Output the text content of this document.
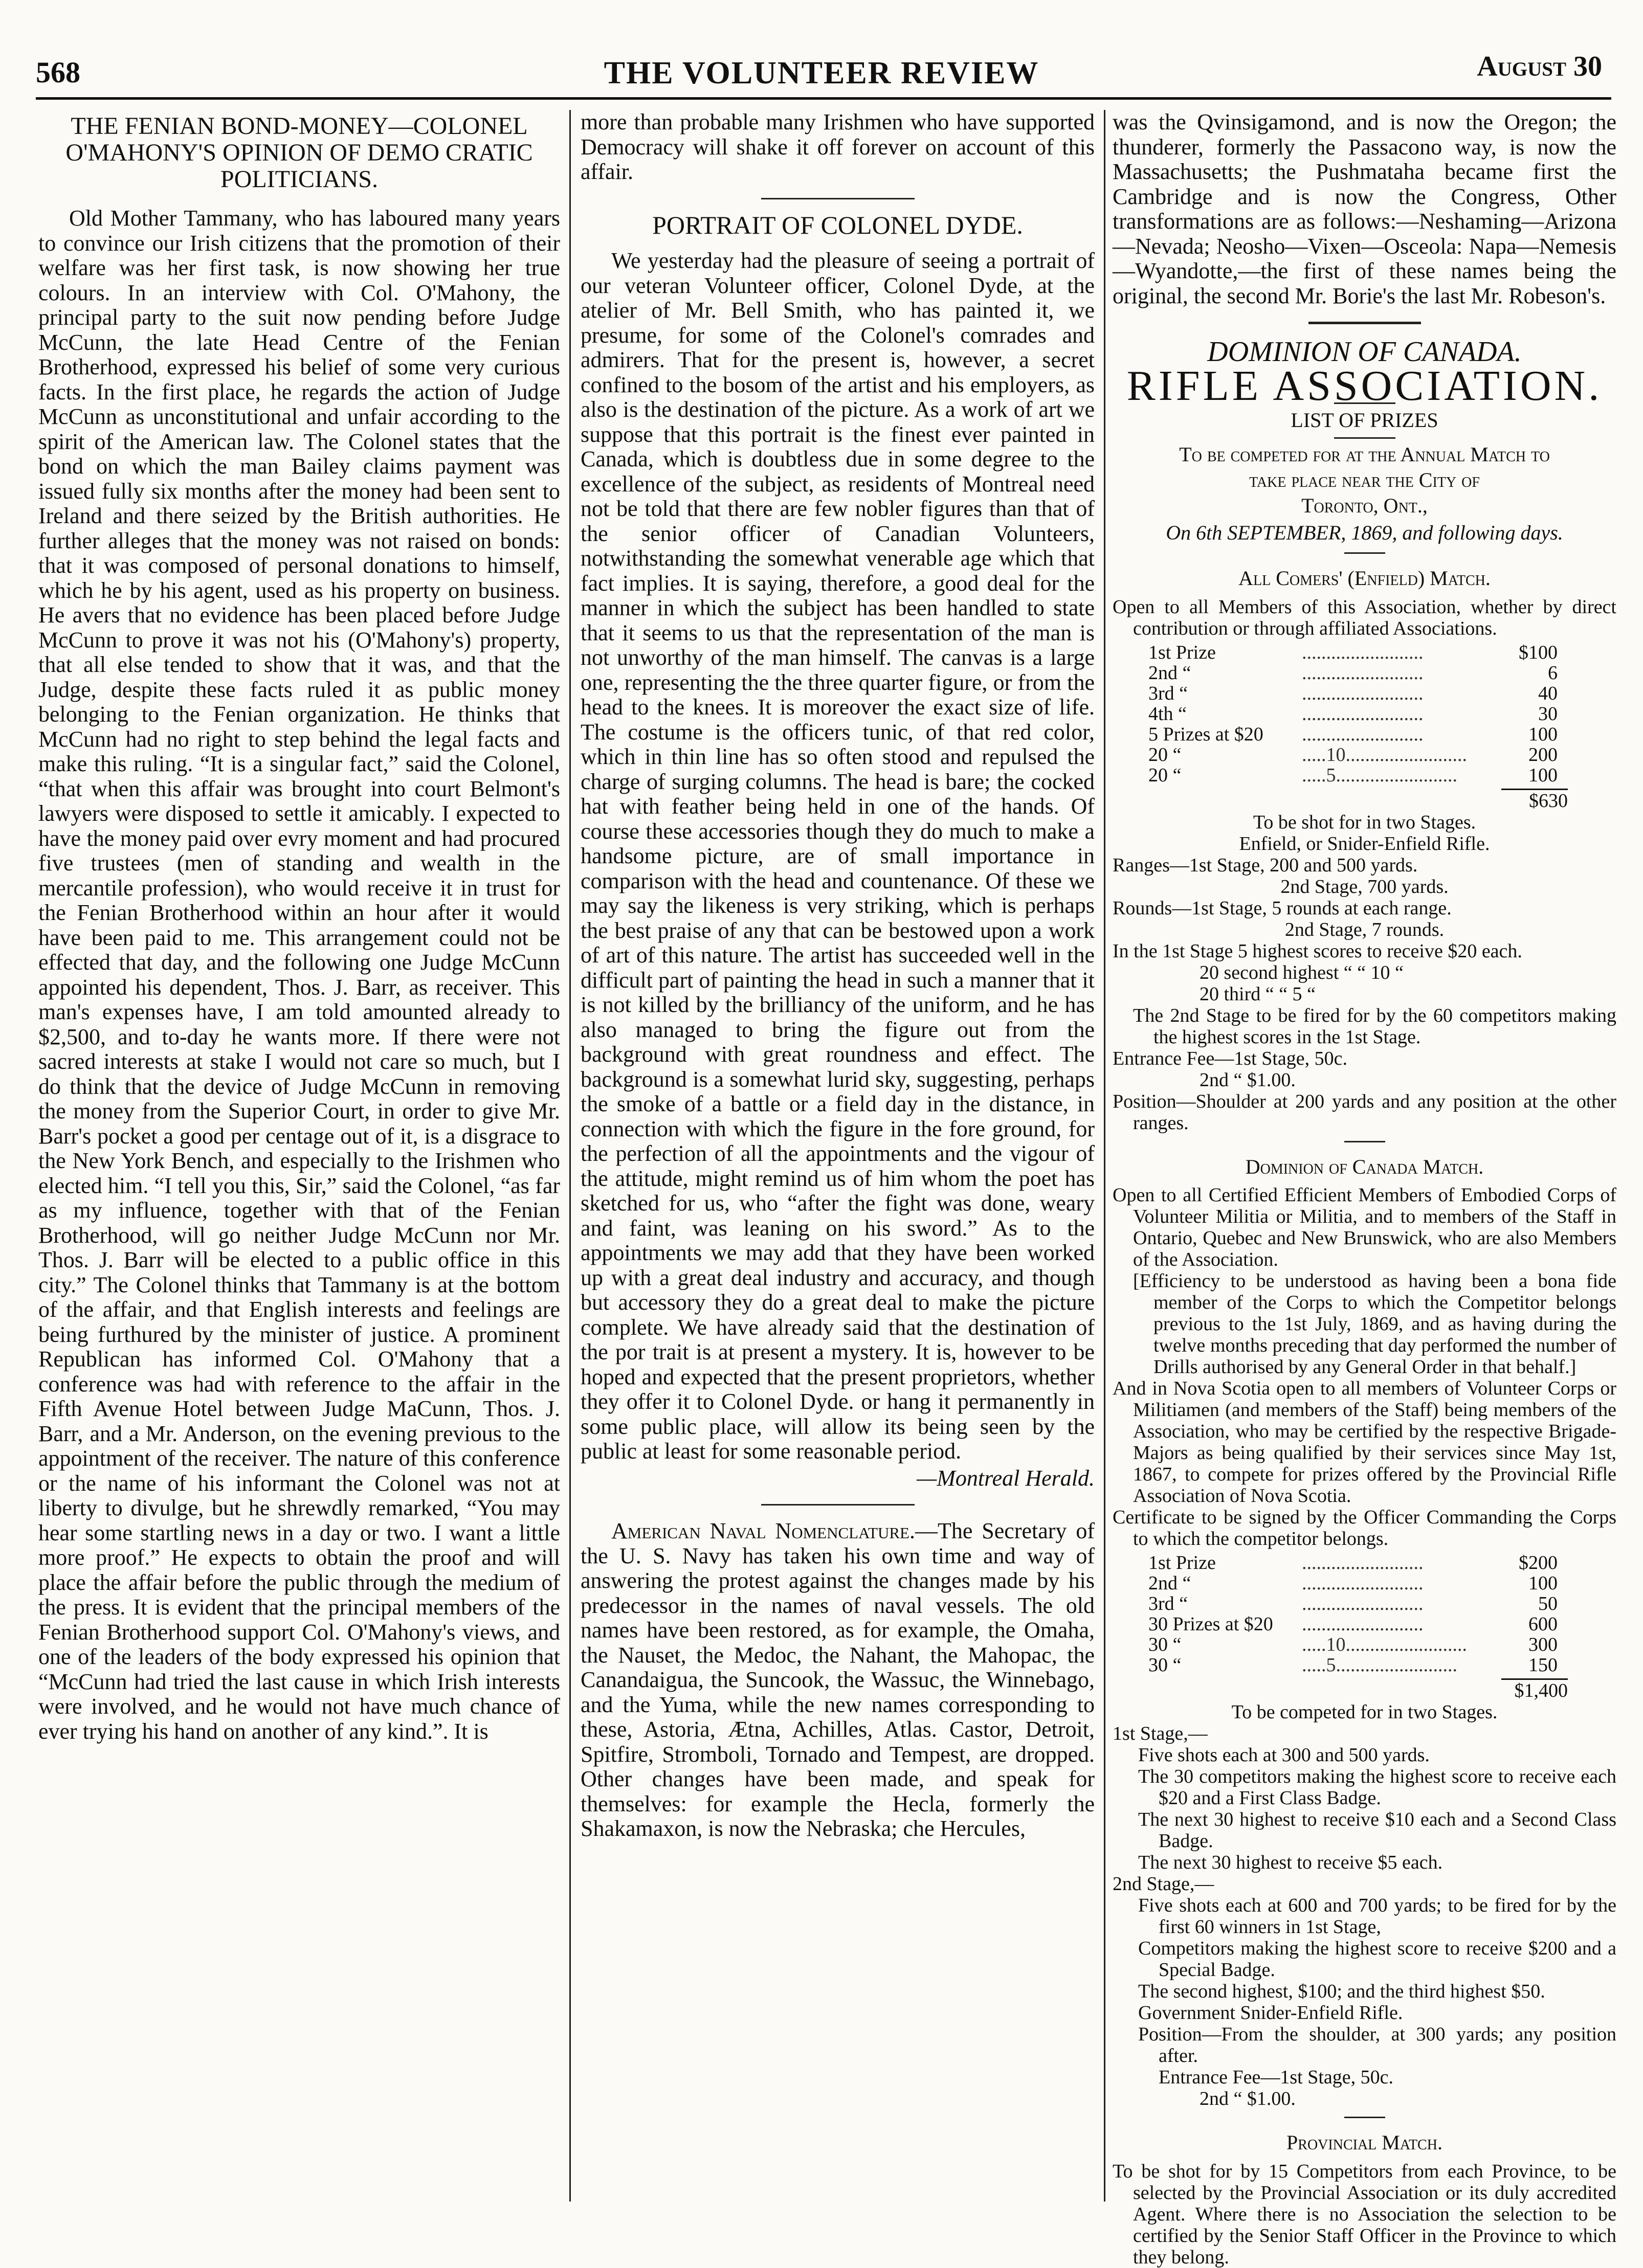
568	THE VOLUNTEER REVIEW	August 30
THE FENIAN BOND-MONEY—COLONEL O'MAHONY'S OPINION OF DEMO CRATIC POLITICIANS.

Old Mother Tammany, who has laboured many years to convince our Irish citizens that the promotion of their welfare was her first task, is now showing her true colours. In an interview with Col. O'Mahony, the principal party to the suit now pending before Judge McCunn, the late Head Centre of the Fenian Brotherhood, expressed his belief of some very curious facts. In the first place, he regards the action of Judge McCunn as unconstitutional and unfair according to the spirit of the American law. The Colonel states that the bond on which the man Bailey claims payment was issued fully six months after the money had been sent to Ireland and there seized by the British authorities. He further alleges that the money was not raised on bonds: that it was composed of personal donations to himself, which he by his agent, used as his property on business. He avers that no evidence has been placed before Judge McCunn to prove it was not his (O'Mahony's) property, that all else tended to show that it was, and that the Judge, despite these facts ruled it as public money belonging to the Fenian organization. He thinks that McCunn had no right to step behind the legal facts and make this ruling. “It is a singular fact,” said the Colonel, “that when this affair was brought into court Belmont's lawyers were disposed to settle it amicably. I expected to have the money paid over evry moment and had procured five trustees (men of standing and wealth in the mercantile profession), who would receive it in trust for the Fenian Brotherhood within an hour after it would have been paid to me. This arrangement could not be effected that day, and the following one Judge McCunn appointed his dependent, Thos. J. Barr, as receiver. This man's expenses have, I am told amounted already to $2,500, and to-day he wants more. If there were not sacred interests at stake I would not care so much, but I do think that the device of Judge McCunn in removing the money from the Superior Court, in order to give Mr. Barr's pocket a good per centage out of it, is a disgrace to the New York Bench, and especially to the Irishmen who elected him. “I tell you this, Sir,” said the Colonel, “as far as my influence, together with that of the Fenian Brotherhood, will go neither Judge McCunn nor Mr. Thos. J. Barr will be elected to a public office in this city.” The Colonel thinks that Tammany is at the bottom of the affair, and that English interests and feelings are being furthured by the minister of justice. A prominent Republican has informed Col. O'Mahony that a conference was had with reference to the affair in the Fifth Avenue Hotel between Judge MaCunn, Thos. J. Barr, and a Mr. Anderson, on the evening previous to the appointment of the receiver. The nature of this conference or the name of his informant the Colonel was not at liberty to divulge, but he shrewdly remarked, “You may hear some startling news in a day or two. I want a little more proof.” He expects to obtain the proof and will place the affair before the public through the medium of the press. It is evident that the principal members of the Fenian Brotherhood support Col. O'Mahony's views, and one of the leaders of the body expressed his opinion that “McCunn had tried the last cause in which Irish interests were involved, and he would not have much chance of ever trying his hand on another of any kind.”. It is

more than probable many Irishmen who have supported Democracy will shake it off forever on account of this affair.

PORTRAIT OF COLONEL DYDE.

We yesterday had the pleasure of seeing a portrait of our veteran Volunteer officer, Colonel Dyde, at the atelier of Mr. Bell Smith, who has painted it, we presume, for some of the Colonel's comrades and admirers. That for the present is, however, a secret confined to the bosom of the artist and his employers, as also is the destination of the picture. As a work of art we suppose that this portrait is the finest ever painted in Canada, which is doubtless due in some degree to the excellence of the subject, as residents of Montreal need not be told that there are few nobler figures than that of the senior officer of Canadian Volunteers, notwithstanding the somewhat venerable age which that fact implies. It is saying, therefore, a good deal for the manner in which the subject has been handled to state that it seems to us that the representation of the man is not unworthy of the man himself. The canvas is a large one, representing the the three quarter figure, or from the head to the knees. It is moreover the exact size of life. The costume is the officers tunic, of that red color, which in thin line has so often stood and repulsed the charge of surging columns. The head is bare; the cocked hat with feather being held in one of the hands. Of course these accessories though they do much to make a handsome picture, are of small importance in comparison with the head and countenance. Of these we may say the likeness is very striking, which is perhaps the best praise of any that can be bestowed upon a work of art of this nature. The artist has succeeded well in the difficult part of painting the head in such a manner that it is not killed by the brilliancy of the uniform, and he has also managed to bring the figure out from the background with great roundness and effect. The background is a somewhat lurid sky, suggesting, perhaps the smoke of a battle or a field day in the distance, in connection with which the figure in the fore ground, for the perfection of all the appointments and the vigour of the attitude, might remind us of him whom the poet has sketched for us, who “after the fight was done, weary and faint, was leaning on his sword.” As to the appointments we may add that they have been worked up with a great deal industry and accuracy, and though but accessory they do a great deal to make the picture complete. We have already said that the destination of the por trait is at present a mystery. It is, however to be hoped and expected that the present proprietors, whether they offer it to Colonel Dyde. or hang it permanently in some public place, will allow its being seen by the public at least for some reasonable period.

—Montreal Herald.

American Naval Nomenclature.—The Secretary of the U. S. Navy has taken his own time and way of answering the protest against the changes made by his predecessor in the names of naval vessels. The old names have been restored, as for example, the Omaha, the Nauset, the Medoc, the Nahant, the Mahopac, the Canandaigua, the Suncook, the Wassuc, the Winnebago, and the Yuma, while the new names corresponding to these, Astoria, Ætna, Achilles, Atlas. Castor, Detroit, Spitfire, Stromboli, Tornado and Tempest, are dropped. Other changes have been made, and speak for themselves: for example the Hecla, formerly the Shakamaxon, is now the Nebraska; che Hercules,

was the Qvinsigamond, and is now the Oregon; the thunderer, formerly the Passacono way, is now the Massachusetts; the Pushmataha became first the Cambridge and is now the Congress, Other transformations are as follows:—Neshaming—Arizona—Nevada; Neosho—Vixen—Osceola: Napa—Nemesis—Wyandotte,—the first of these names being the original, the second Mr. Borie's the last Mr. Robeson's.

DOMINION OF CANADA.
RIFLE ASSOCIATION.
LIST OF PRIZES
To be competed for at the Annual Match to
take place near the City of
Toronto, Ont.,
On 6th SEPTEMBER, 1869, and following days.
All Comers' (Enfield) Match.

Open to all Members of this Association, whether by direct contribution or through affiliated Associations.

1st Prize	.........................	$100
2nd “	.........................	6
3rd “	.........................	40
4th “	.........................	30
5 Prizes at $20	.........................	100
20 “	.....10.........................	200
20 “	.....5.........................	100
$630
To be shot for in two Stages.
Enfield, or Snider-Enfield Rifle.
Ranges—1st Stage, 200 and 500 yards.
2nd Stage, 700 yards.
Rounds—1st Stage, 5 rounds at each range.
2nd Stage, 7 rounds.
In the 1st Stage 5 highest scores to receive $20 each.
20 second highest “ “ 10 “
20 third “ “ 5 “

The 2nd Stage to be fired for by the 60 competitors making the highest scores in the 1st Stage.

Entrance Fee—1st Stage, 50c.
2nd “ $1.00.

Position—Shoulder at 200 yards and any position at the other ranges.

Dominion of Canada Match.

Open to all Certified Efficient Members of Embodied Corps of Volunteer Militia or Militia, and to members of the Staff in Ontario, Quebec and New Brunswick, who are also Members of the Association.

[Efficiency to be understood as having been a bona fide member of the Corps to which the Competitor belongs previous to the 1st July, 1869, and as having during the twelve months preceding that day performed the number of Drills authorised by any General Order in that behalf.]

And in Nova Scotia open to all members of Volunteer Corps or Militiamen (and members of the Staff) being members of the Association, who may be certified by the respective Brigade-Majors as being qualified by their services since May 1st, 1867, to compete for prizes offered by the Provincial Rifle Association of Nova Scotia.

Certificate to be signed by the Officer Commanding the Corps to which the competitor belongs.

1st Prize	.........................	$200
2nd “	.........................	100
3rd “	.........................	50
30 Prizes at $20	.........................	600
30 “	.....10.........................	300
30 “	.....5.........................	150
$1,400
To be competed for in two Stages.
1st Stage,—

Five shots each at 300 and 500 yards.

The 30 competitors making the highest score to receive each $20 and a First Class Badge.

The next 30 highest to receive $10 each and a Second Class Badge.

The next 30 highest to receive $5 each.

2nd Stage,—

Five shots each at 600 and 700 yards; to be fired for by the first 60 winners in 1st Stage,

Competitors making the highest score to receive $200 and a Special Badge.

The second highest, $100; and the third highest $50.

Government Snider-Enfield Rifle.

Position—From the shoulder, at 300 yards; any position after.

Entrance Fee—1st Stage, 50c.
2nd “ $1.00.
Provincial Match.

To be shot for by 15 Competitors from each Province, to be selected by the Provincial Association or its duly accredited Agent. Where there is no Association the selection to be certified by the Senior Staff Officer in the Province to which they belong.
